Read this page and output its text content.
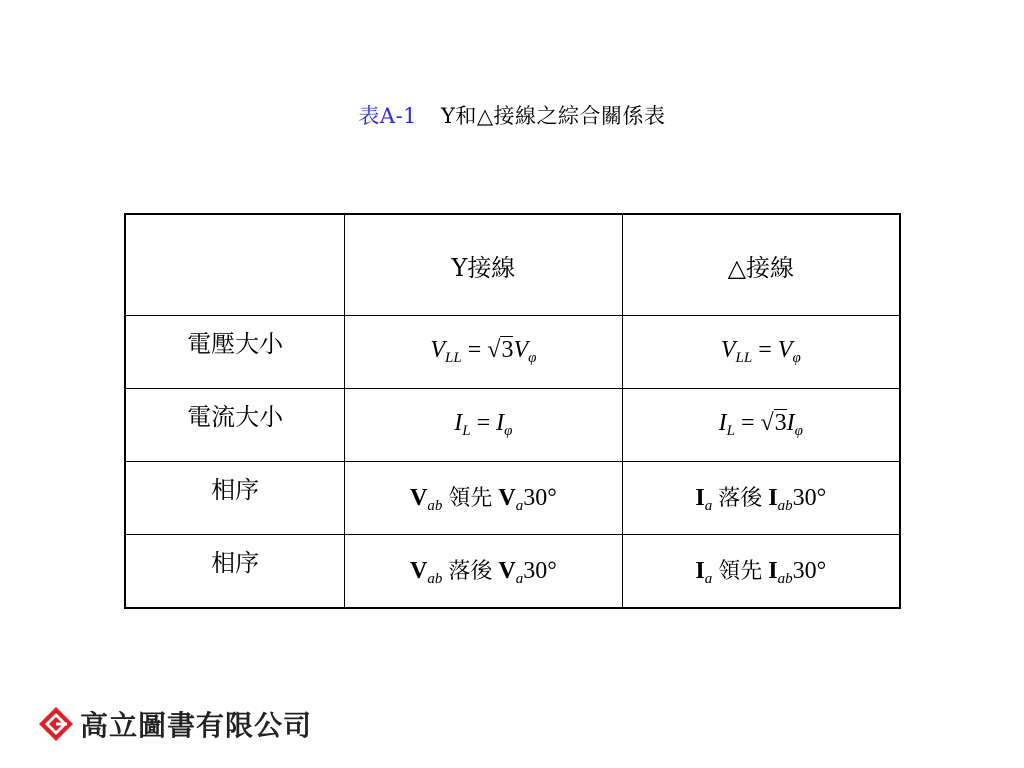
表A-1 Y和△接線之綜合關係表
	Y接線	△接線
電壓大小	$V_{LL} = √3V_\varphi$	$V_{LL} = V_\varphi$
電流大小	$I_L = I_\varphi$	$I_L = √3I_\varphi$
相序	$V_{ab}$ 領先 $V_a30^\circ$	$I_a$ 落後 $I_{ab}30^\circ$
相序	$V_{ab}$ 落後 $V_a30^\circ$	$I_a$ 領先 $I_{ab}30^\circ$
高立圖書有限公司
